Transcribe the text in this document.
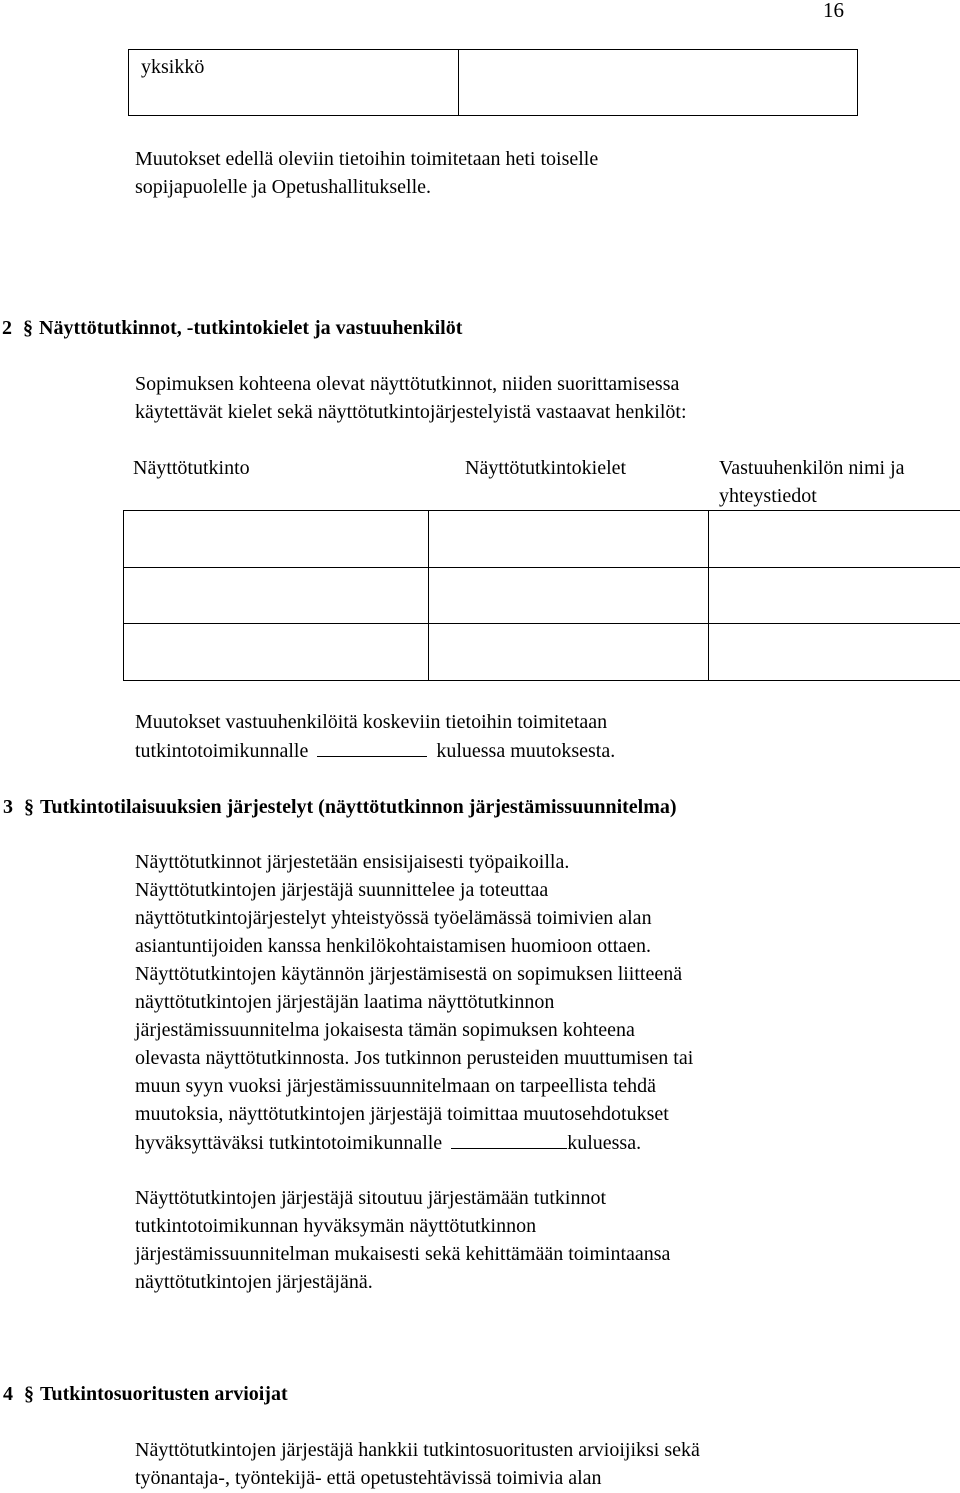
16
yksikkö
Muutokset edellä oleviin tietoihin toimitetaan heti toiselle
sopijapuolelle ja Opetushallitukselle.
2 § Näyttötutkinnot, -tutkintokielet ja vastuuhenkilöt
Sopimuksen kohteena olevat näyttötutkinnot, niiden suorittamisessa
käytettävät kielet sekä näyttötutkintojärjestelyistä vastaavat henkilöt:
Näyttötutkinto	Näyttötutkintokielet	Vastuuhenkilön nimi ja
yhteystiedot
Muutokset vastuuhenkilöitä koskeviin tietoihin toimitetaan
tutkintotoimikunnalle	kuluessa muutoksesta.
3 § Tutkintotilaisuuksien järjestelyt (näyttötutkinnon järjestämissuunnitelma)
Näyttötutkinnot järjestetään ensisijaisesti työpaikoilla.
Näyttötutkintojen järjestäjä suunnittelee ja toteuttaa
näyttötutkintojärjestelyt yhteistyössä työelämässä toimivien alan
asiantuntijoiden kanssa henkilökohtaistamisen huomioon ottaen.
Näyttötutkintojen käytännön järjestämisestä on sopimuksen liitteenä
näyttötutkintojen järjestäjän laatima näyttötutkinnon
järjestämissuunnitelma jokaisesta tämän sopimuksen kohteena
olevasta näyttötutkinnosta. Jos tutkinnon perusteiden muuttumisen tai
muun syyn vuoksi järjestämissuunnitelmaan on tarpeellista tehdä
muutoksia, näyttötutkintojen järjestäjä toimittaa muutosehdotukset
hyväksyttäväksi tutkintotoimikunnalle	kuluessa.
Näyttötutkintojen järjestäjä sitoutuu järjestämään tutkinnot
tutkintotoimikunnan hyväksymän näyttötutkinnon
järjestämissuunnitelman mukaisesti sekä kehittämään toimintaansa
näyttötutkintojen järjestäjänä.
4 § Tutkintosuoritusten arvioijat
Näyttötutkintojen järjestäjä hankkii tutkintosuoritusten arvioijiksi sekä
työnantaja-, työntekijä- että opetustehtävissä toimivia alan
